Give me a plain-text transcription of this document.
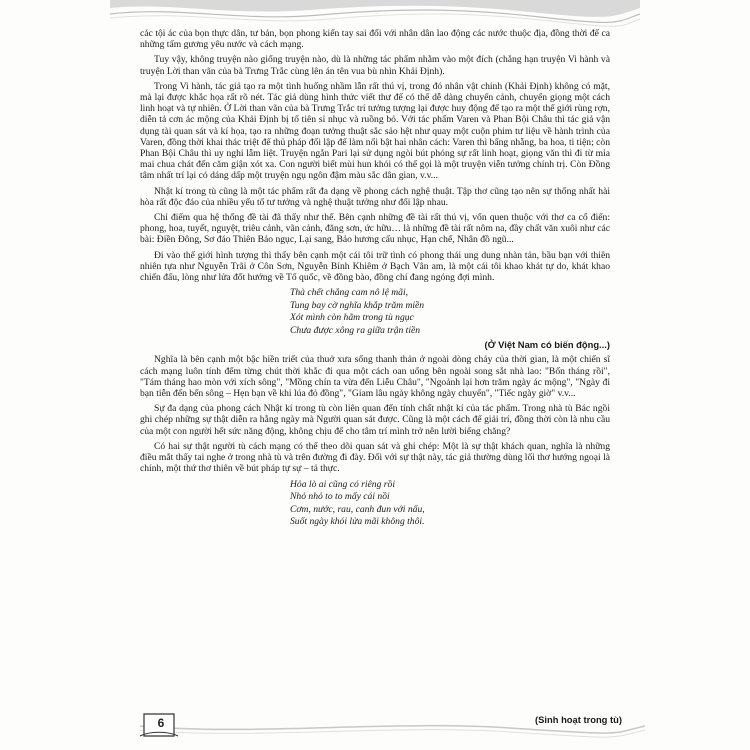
các tội ác của bọn thực dân, tư bản, bọn phong kiến tay sai đối với nhân dân lao động các nước thuộc địa, đồng thời để ca những tấm gương yêu nước và cách mạng.

Tuy vậy, không truyện nào giống truyện nào, dù là những tác phẩm nhằm vào một đích (chẳng hạn truyện Vi hành và truyện Lời than vãn của bà Trưng Trắc cùng lên án tên vua bù nhìn Khải Định).

Trong Vi hành, tác giả tạo ra một tình huống nhầm lẫn rất thú vị, trong đó nhân vật chính (Khải Định) không có mặt, mà lại được khắc họa rất rõ nét. Tác giả dùng hình thức viết thư để có thể dễ dàng chuyển cảnh, chuyển giọng một cách linh hoạt và tự nhiên. Ở Lời than vãn của bà Trưng Trắc trí tưởng tượng lại được huy động để tạo ra một thế giới rùng rợn, diễn tả cơn ác mộng của Khải Định bị tổ tiên sỉ nhục và ruồng bỏ. Với tác phẩm Varen và Phan Bội Châu thì tác giả vận dụng tài quan sát và kí họa, tạo ra những đoạn tưởng thuật sắc sảo hệt như quay một cuộn phim tư liệu về hành trình của Varen, đồng thời khai thác triệt để thủ pháp đối lập để làm nổi bật hai nhân cách: Varen thì bẩng nhẵng, ba hoa, ti tiện; còn Phan Bội Châu thì uy nghi lẫm liệt. Truyện ngắn Pari lại sử dụng ngòi bút phóng sự rất linh hoạt, giọng văn thì đi từ mỉa mai chua chát đến căm giận xót xa. Con người biết mùi hun khói có thể gọi là một truyện viễn tưởng chính trị. Còn Đồng tâm nhất trí lại có dáng dấp một truyện ngụ ngôn đậm màu sắc dân gian, v.v...

Nhật kí trong tù cũng là một tác phẩm rất đa dạng về phong cách nghệ thuật. Tập thơ cũng tạo nên sự thống nhất hài hòa rất độc đáo của nhiều yếu tố tư tưởng và nghệ thuật tưởng như đối lập nhau.

Chỉ điểm qua hệ thống đề tài đã thấy như thế. Bên cạnh những đề tài rất thú vị, vốn quen thuộc với thơ ca cổ điển: phong, hoa, tuyết, nguyệt, triêu cảnh, vãn cảnh, đăng sơn, ức hữu… là những đề tài rất nôm na, đầy chất văn xuôi như các bài: Điền Đông, Sơ đáo Thiên Bảo ngục, Lại sang, Bảo hương cấu nhục, Hạn chế, Nhân đồ ngũ...

Đi vào thế giới hình tượng thì thấy bên cạnh một cái tôi trữ tình có phong thái ung dung nhàn tản, bầu bạn với thiên nhiên tựa như Nguyễn Trãi ở Côn Sơn, Nguyễn Bỉnh Khiêm ở Bạch Vân am, là một cái tôi khao khát tự do, khát khao chiến đấu, lòng như lửa đốt hướng về Tổ quốc, về đồng bào, đồng chí đang ngóng đợi mình.

Thà chết chẳng cam nô lệ mãi,
Tung bay cờ nghĩa khắp trăm miền
Xót mình còn hãm trong tù ngục
Chưa được xông ra giữa trận tiền
(Ở Việt Nam có biến động...)

Nghĩa là bên cạnh một bậc hiền triết của thuở xưa sống thanh thản ở ngoài dòng chảy của thời gian, là một chiến sĩ cách mạng luôn tính đếm từng chút thời khắc đi qua một cách oan uổng bên ngoài song sắt nhà lao: "Bốn tháng rồi", "Tám tháng hao mòn với xích sông", "Mồng chín ta vừa đến Liễu Châu", "Ngoảnh lại hơn trăm ngày ác mộng", "Ngày đi bạn tiễn đến bến sông – Hẹn bạn về khi lúa đỏ đồng", "Giam lâu ngày không ngày chuyển", "Tiếc ngày giờ" v.v...

Sự đa dạng của phong cách Nhật kí trong tù còn liên quan đến tính chất nhật kí của tác phẩm. Trong nhà tù Bác ngồi ghi chép những sự thật diễn ra hằng ngày mà Người quan sát được. Cũng là một cách để giải trí, đồng thời còn là nhu cầu của một con người hết sức năng động, không chịu để cho tâm trí mình trở nên lười biếng chăng?

Có hai sự thật người tù cách mạng có thể theo dõi quan sát và ghi chép: Một là sự thật khách quan, nghĩa là những điều mắt thấy tai nghe ở trong nhà tù và trên đường đi đày. Đối với sự thật này, tác giả thường dùng lối thơ hướng ngoại là chính, một thứ thơ thiên về bút pháp tự sự – tả thực.

Hỏa lò ai cũng có riêng rồi
Nhỏ nhỏ to to mấy cái nồi
Cơm, nước, rau, canh đun với nấu,
Suốt ngày khói lửa mãi không thôi.
6	(Sinh hoạt trong tù)
